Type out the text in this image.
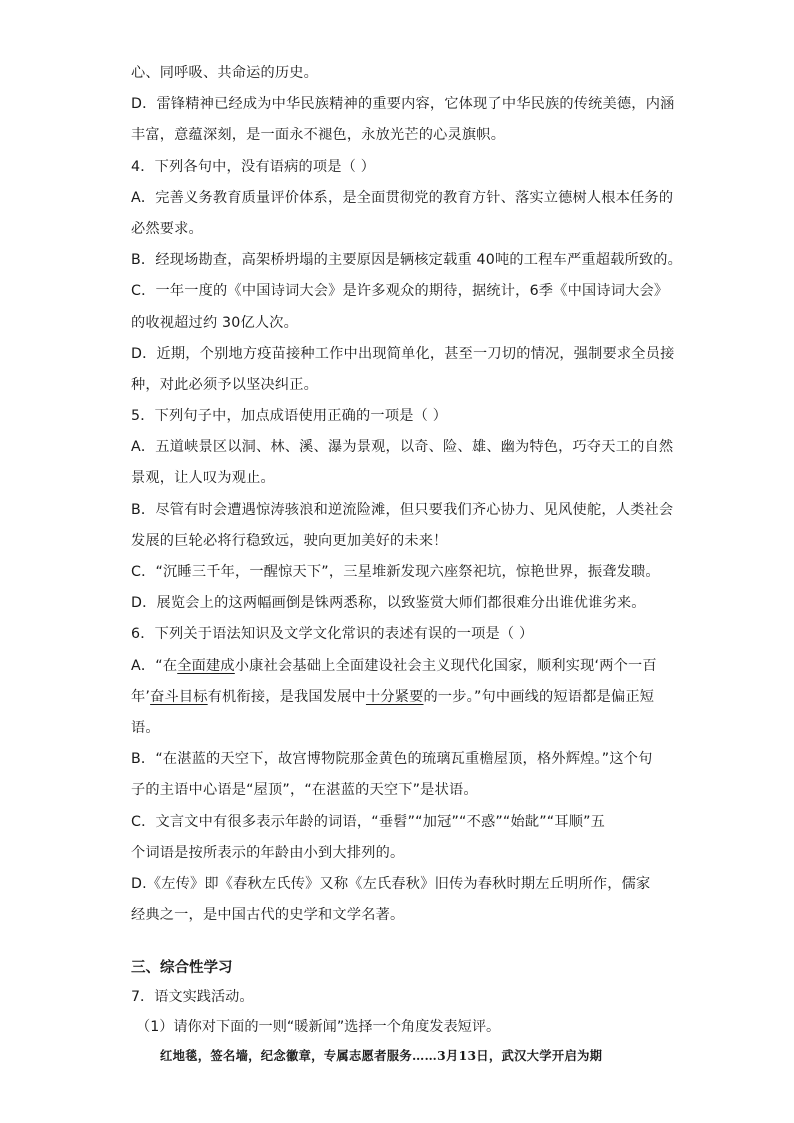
心、同呼吸、共命运的历史。
D．雷锋精神已经成为中华民族精神的重要内容，它体现了中华民族的传统美德，内涵
丰富，意蕴深刻，是一面永不褪色，永放光芒的心灵旗帜。
4．下列各句中，没有语病的项是（ ）
A．完善义务教育质量评价体系，是全面贯彻党的教育方针、落实立德树人根本任务的
必然要求。
B．经现场勘查，高架桥坍塌的主要原因是辆核定载重 40吨的工程车严重超载所致的。
C．一年一度的《中国诗词大会》是许多观众的期待，据统计，6季《中国诗词大会》
的收视超过约 30亿人次。
D．近期，个别地方疫苗接种工作中出现简单化，甚至一刀切的情况，强制要求全员接
种，对此必须予以坚决纠正。
5．下列句子中，加点成语使用正确的一项是（ ）
A．五道峡景区以洞、林、溪、瀑为景观，以奇、险、雄、幽为特色，巧夺天工的自然
景观，让人叹为观止。
B．尽管有时会遭遇惊涛骇浪和逆流险滩，但只要我们齐心协力、见风使舵，人类社会
发展的巨轮必将行稳致远，驶向更加美好的未来！
C．“沉睡三千年，一醒惊天下”，三星堆新发现六座祭祀坑，惊艳世界，振聋发聩。
D．展览会上的这两幅画倒是铢两悉称，以致鉴赏大师们都很难分出谁优谁劣来。
6．下列关于语法知识及文学文化常识的表述有误的一项是（ ）
A．“在全面建成小康社会基础上全面建设社会主义现代化国家，顺利实现‘两个一百
年’奋斗目标有机衔接，是我国发展中十分紧要的一步。”句中画线的短语都是偏正短
语。
B．“在湛蓝的天空下，故宫博物院那金黄色的琉璃瓦重檐屋顶，格外辉煌。”这个句
子的主语中心语是“屋顶”，“在湛蓝的天空下”是状语。
C．文言文中有很多表示年龄的词语，“垂髫”“加冠”“不惑”“始龀”“耳顺”五
个词语是按所表示的年龄由小到大排列的。
D.《左传》即《春秋左氏传》又称《左氏春秋》旧传为春秋时期左丘明所作，儒家
经典之一，是中国古代的史学和文学名著。
三、综合性学习
7．语文实践活动。
（1）请你对下面的一则“暖新闻”选择一个角度发表短评。
红地毯，签名墙，纪念徽章，专属志愿者服务……3月13日，武汉大学开启为期
